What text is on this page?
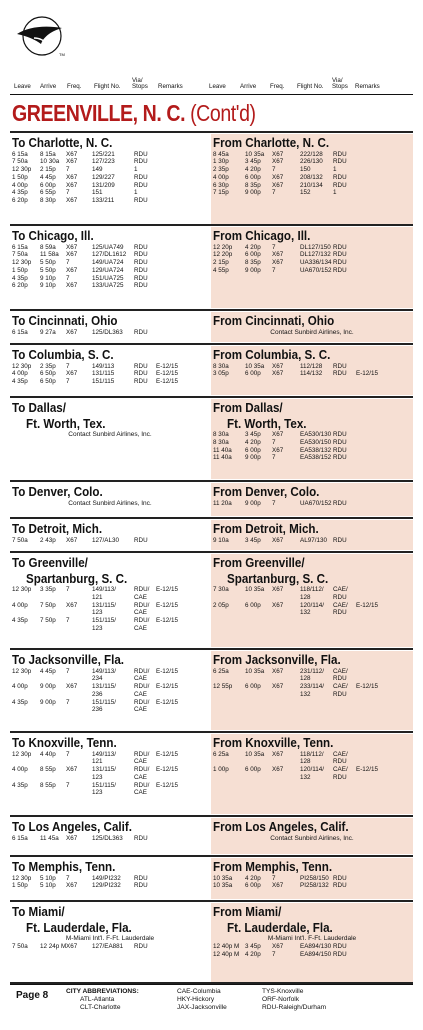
TM
Leave Arrive Freq. Flight No.
Via/
Stops Remarks	Leave Arrive Freq. Flight No.
Via/
Stops Remarks
GREENVILLE, N. C. (Cont'd)
To Charlotte, N. C.
6 15a 8 15a X67 125/221	RDU
7 50a 10 30a X67 127/223	RDU
12 30p 2 15p 7	149	1
1 50p 4 45p X67 129/227	RDU
4 00p 6 00p X67 131/209	RDU
4 35p 6 55p 7	151	1
6 20p 8 30p X67 133/211	RDU
From Charlotte, N. C.
8 45a	10 35a X67	222/128 RDU
1 30p	3 45p X67	226/130 RDU
2 35p	4 20p 7	150	1
4 00p	6 00p X67	208/132 RDU
6 30p	8 35p X67	210/134 RDU
7 15p	9 00p 7	152	1
To Chicago, Ill.
6 15a 8 59a X67 125/UA749 RDU
7 50a 11 58a X67 127/DL1612 RDU
12 30p 5 50p 7	149/UA724 RDU
1 50p 5 50p X67 129/UA724 RDU
4 35p 9 10p 7	151/UA725 RDU
6 20p 9 10p X67 133/UA725 RDU
From Chicago, Ill.
12 20p 4 20p 7	DL127/150 RDU
12 20p 6 00p X67	DL127/132 RDU
2 15p	8 35p X67	UA336/134 RDU
4 55p	9 00p 7	UA670/152 RDU
To Cincinnati, Ohio
6 15a 9 27a X67 125/DL363 RDU
From Cincinnati, Ohio
Contact Sunbird Airlines, Inc.
To Columbia, S. C.
12 30p 2 35p 7	149/113	RDU E-12/15
4 00p 6 50p X67 131/115	RDU E-12/15
4 35p 6 50p 7	151/115	RDU E-12/15
From Columbia, S. C.
8 30a	10 35a X67	112/128 RDU
3 05p	6 00p X67	114/132 RDU E-12/15
To Dallas/
Ft. Worth, Tex.
Contact Sunbird Airlines, Inc.
From Dallas/
Ft. Worth, Tex.
8 30a	3 45p X67	EA530/130 RDU
8 30a	4 20p 7	EA530/150 RDU
11 40a 6 00p X67	EA538/132 RDU
11 40a 9 00p 7	EA538/152 RDU
To Denver, Colo.
Contact Sunbird Airlines, Inc.
From Denver, Colo.
11 20a 9 00p 7	UA670/152 RDU
To Detroit, Mich.
7 50a 2 43p X67 127/AL30 RDU
From Detroit, Mich.
9 10a	3 45p X67	AL97/130 RDU
To Greenville/
Spartanburg, S. C.
12 30p 3 35p 7	149/113/	RDU/ E-12/15
121	CAE
4 00p 7 50p X67 131/115/	RDU/ E-12/15
123	CAE
4 35p 7 50p 7	151/115/	RDU/ E-12/15
123	CAE
From Greenville/
Spartanburg, S. C.
7 30a	10 35a X67	118/112/ CAE/
128	RDU
2 05p	6 00p X67	120/114/ CAE/ E-12/15
132	RDU
To Jacksonville, Fla.
12 30p 4 45p 7	149/113/	RDU/ E-12/15
234	CAE
4 00p 9 00p X67 131/115/	RDU/ E-12/15
236	CAE
4 35p 9 00p 7	151/115/	RDU/ E-12/15
236	CAE
From Jacksonville, Fla.
6 25a	10 35a X67	231/112/ CAE/
128	RDU
12 55p 6 00p X67	233/114/ CAE/ E-12/15
132	RDU
To Knoxville, Tenn.
12 30p 4 40p 7	149/113/	RDU/ E-12/15
121	CAE
4 00p 8 55p X67 131/115/	RDU/ E-12/15
123	CAE
4 35p 8 55p 7	151/115/	RDU/ E-12/15
123	CAE
From Knoxville, Tenn.
6 25a	10 35a X67	118/112/ CAE/
128	RDU
1 00p	6 00p X67	120/114/ CAE/ E-12/15
132	RDU
To Los Angeles, Calif.
6 15a 11 45a X67 125/DL363 RDU
From Los Angeles, Calif.
Contact Sunbird Airlines, Inc.
To Memphis, Tenn.
12 30p 5 10p 7	149/PI232 RDU
1 50p 5 10p X67 129/PI232 RDU
From Memphis, Tenn.
10 35a 4 20p 7	PI258/150 RDU
10 35a 6 00p X67	PI258/132 RDU
To Miami/
Ft. Lauderdale, Fla.
M-Miami Int'l. F-Ft. Lauderdale
7 50a 12 24p M X67 127/EA881 RDU
From Miami/
Ft. Lauderdale, Fla.
M-Miami Int'l. F-Ft. Lauderdale
12 40p M 3 45p X67	EA894/130 RDU
12 40p M 4 20p 7	EA894/150 RDU
Page 8	CITY ABBREVIATIONS:
ATL-Atlanta
CLT-Charlotte
CAE-Columbia
HKY-Hickory
JAX-Jacksonville
TYS-Knoxville
ORF-Norfolk
RDU-Raleigh/Durham
